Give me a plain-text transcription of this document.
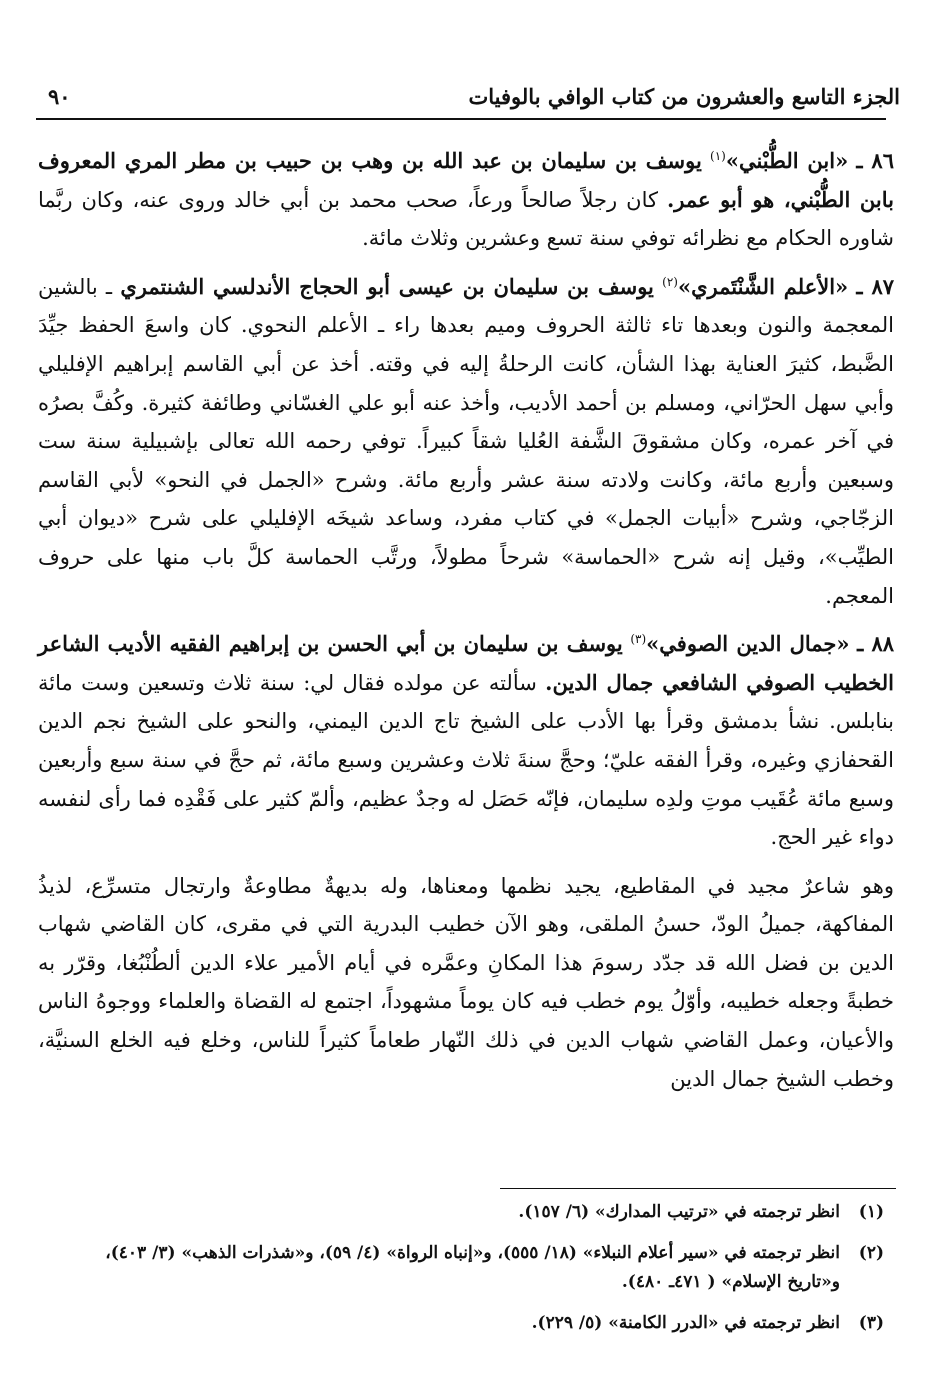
الجزء التاسع والعشرون من كتاب الوافي بالوفيات
٩٠

٨٦ ـ «ابن الطُّبْني»$^{(١)}$ يوسف بن سليمان بن عبد الله بن وهب بن حبيب بن مطر المري المعروف بابن الطُّبْني، هو أبو عمر. كان رجلاً صالحاً ورعاً، صحب محمد بن أبي خالد وروى عنه، وكان ربَّما شاوره الحكام مع نظرائه توفي سنة تسع وعشرين وثلاث مائة.

٨٧ ـ «الأعلم الشَّنْتَمري»$^{(٢)}$ يوسف بن سليمان بن عيسى أبو الحجاج الأندلسي الشنتمري ـ بالشين المعجمة والنون وبعدها تاء ثالثة الحروف وميم بعدها راء ـ الأعلم النحوي. كان واسعَ الحفظ جيِّدَ الضَّبط، كثيرَ العناية بهذا الشأن، كانت الرحلةُ إليه في وقته. أخذ عن أبي القاسم إبراهيم الإفليلي وأبي سهل الحرّاني، ومسلم بن أحمد الأديب، وأخذ عنه أبو علي الغسّاني وطائفة كثيرة. وكُفَّ بصرُه في آخر عمره، وكان مشقوقَ الشَّفة العُليا شقاً كبيراً. توفي رحمه الله تعالى بإشبيلية سنة ست وسبعين وأربع مائة، وكانت ولادته سنة عشر وأربع مائة. وشرح «الجمل في النحو» لأبي القاسم الزجّاجي، وشرح «أبيات الجمل» في كتاب مفرد، وساعد شيخَه الإفليلي على شرح «ديوان أبي الطيِّب»، وقيل إنه شرح «الحماسة» شرحاً مطولاً، ورتَّب الحماسة كلَّ باب منها على حروف المعجم.

٨٨ ـ «جمال الدين الصوفي»$^{(٣)}$ يوسف بن سليمان بن أبي الحسن بن إبراهيم الفقيه الأديب الشاعر الخطيب الصوفي الشافعي جمال الدين. سألته عن مولده فقال لي: سنة ثلاث وتسعين وست مائة بنابلس. نشأ بدمشق وقرأ بها الأدب على الشيخ تاج الدين اليمني، والنحو على الشيخ نجم الدين القحفازي وغيره، وقرأ الفقه عليّ؛ وحجَّ سنةَ ثلاث وعشرين وسبع مائة، ثم حجَّ في سنة سبع وأربعين وسبع مائة عُقَيب موتِ ولدِه سليمان، فإنّه حَصَل له وجدٌ عظيم، وألمّ كثير على فَقْدِه فما رأى لنفسه دواء غير الحج.

وهو شاعرٌ مجيد في المقاطيع، يجيد نظمها ومعناها، وله بديهةٌ مطاوعةٌ وارتجال متسرِّع، لذيذُ المفاكهة، جميلُ الودّ، حسنُ الملقى، وهو الآن خطيب البدرية التي في مقرى، كان القاضي شهاب الدين بن فضل الله قد جدّد رسومَ هذا المكانِ وعمَّره في أيام الأمير علاء الدين ألطُنْبُغا، وقرّر به خطبةً وجعله خطيبه، وأوّلُ يوم خطب فيه كان يوماً مشهوداً، اجتمع له القضاة والعلماء ووجوهُ الناس والأعيان، وعمل القاضي شهاب الدين في ذلك النّهار طعاماً كثيراً للناس، وخلع فيه الخلع السنيَّة، وخطب الشيخ جمال الدين

(١)
انظر ترجمته في «ترتيب المدارك» (٦/ ١٥٧).

(٢)
انظر ترجمته في «سير أعلام النبلاء» (١٨/ ٥٥٥)، و«إنباه الرواة» (٤/ ٥٩)، و«شذرات الذهب» (٣/ ٤٠٣)، و«تاريخ الإسلام» ( ٤٧١ـ ٤٨٠).

(٣)
انظر ترجمته في «الدرر الكامنة» (٥/ ٢٢٩).
